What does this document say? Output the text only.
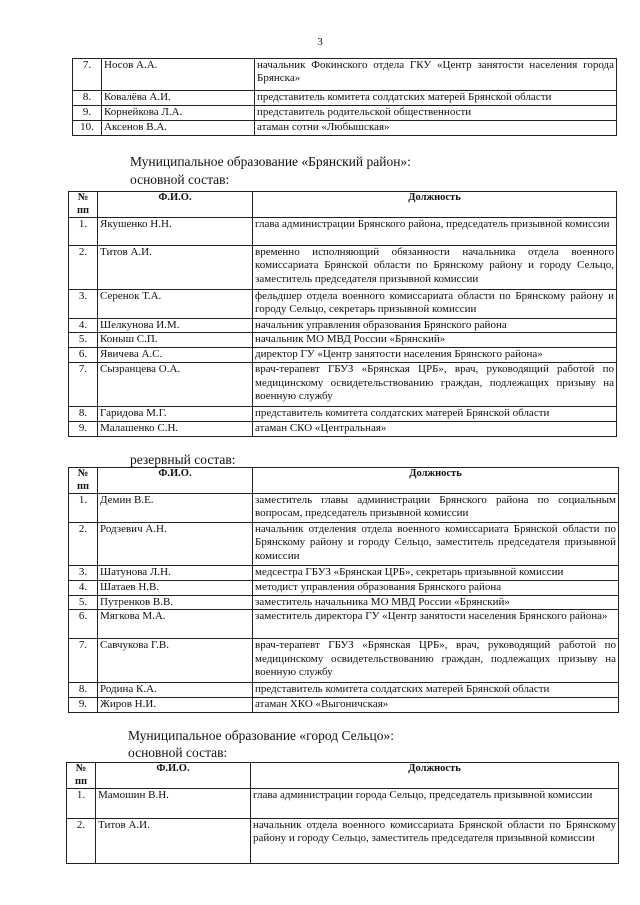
3
7.	Носов А.А.	начальник Фокинского отдела ГКУ «Центр занятости населения города Брянска»
8.	Ковалёва А.И.	представитель комитета солдатских матерей Брянской области
9.	Корнейкова Л.А.	представитель родительской общественности
10.	Аксенов В.А.	атаман сотни «Любышская»
Муниципальное образование «Брянский район»:
основной состав:
№ пп	Ф.И.О.	Должность
1.	Якушенко Н.Н.	глава администрации Брянского района, председатель призывной комиссии
2.	Титов А.И.	временно исполняющий обязанности начальника отдела военного комиссариата Брянской области по Брянскому району и городу Сельцо, заместитель председателя призывной комиссии
3.	Серенок Т.А.	фельдшер отдела военного комиссариата области по Брянскому району и городу Сельцо, секретарь призывной комиссии
4.	Шелкунова И.М.	начальник управления образования Брянского района
5.	Коныш С.П.	начальник МО МВД России «Брянский»
6.	Явичева А.С.	директор ГУ «Центр занятости населения Брянского района»
7.	Сызранцева О.А.	врач-терапевт ГБУЗ «Брянская ЦРБ», врач, руководящий работой по медицинскому освидетельствованию граждан, подлежащих призыву на военную службу
8.	Гаридова М.Г.	представитель комитета солдатских матерей Брянской области
9.	Малашенко С.Н.	атаман СКО «Центральная»
резервный состав:
№ пп	Ф.И.О.	Должность
1.	Демин В.Е.	заместитель главы администрации Брянского района по социальным вопросам, председатель призывной комиссии
2.	Родзевич А.Н.	начальник отделения отдела военного комиссариата Брянской области по Брянскому району и городу Сельцо, заместитель председателя призывной комиссии
3.	Шатунова Л.Н.	медсестра ГБУЗ «Брянская ЦРБ», секретарь призывной комиссии
4.	Шатаев Н.В.	методист управления образования Брянского района
5.	Путренков В.В.	заместитель начальника МО МВД России «Брянский»
6.	Мягкова М.А.	заместитель директора ГУ «Центр занятости населения Брянского района»
7.	Савчукова Г.В.	врач-терапевт ГБУЗ «Брянская ЦРБ», врач, руководящий работой по медицинскому освидетельствованию граждан, подлежащих призыву на военную службу
8.	Родина К.А.	представитель комитета солдатских матерей Брянской области
9.	Жиров Н.И.	атаман ХКО «Выгоничская»
Муниципальное образование «город Сельцо»:
основной состав:
№ пп	Ф.И.О.	Должность
1.	Мамошин В.Н.	глава администрации города Сельцо, председатель призывной комиссии
2.	Титов А.И.	начальник отдела военного комиссариата Брянской области по Брянскому району и городу Сельцо, заместитель председателя призывной комиссии
